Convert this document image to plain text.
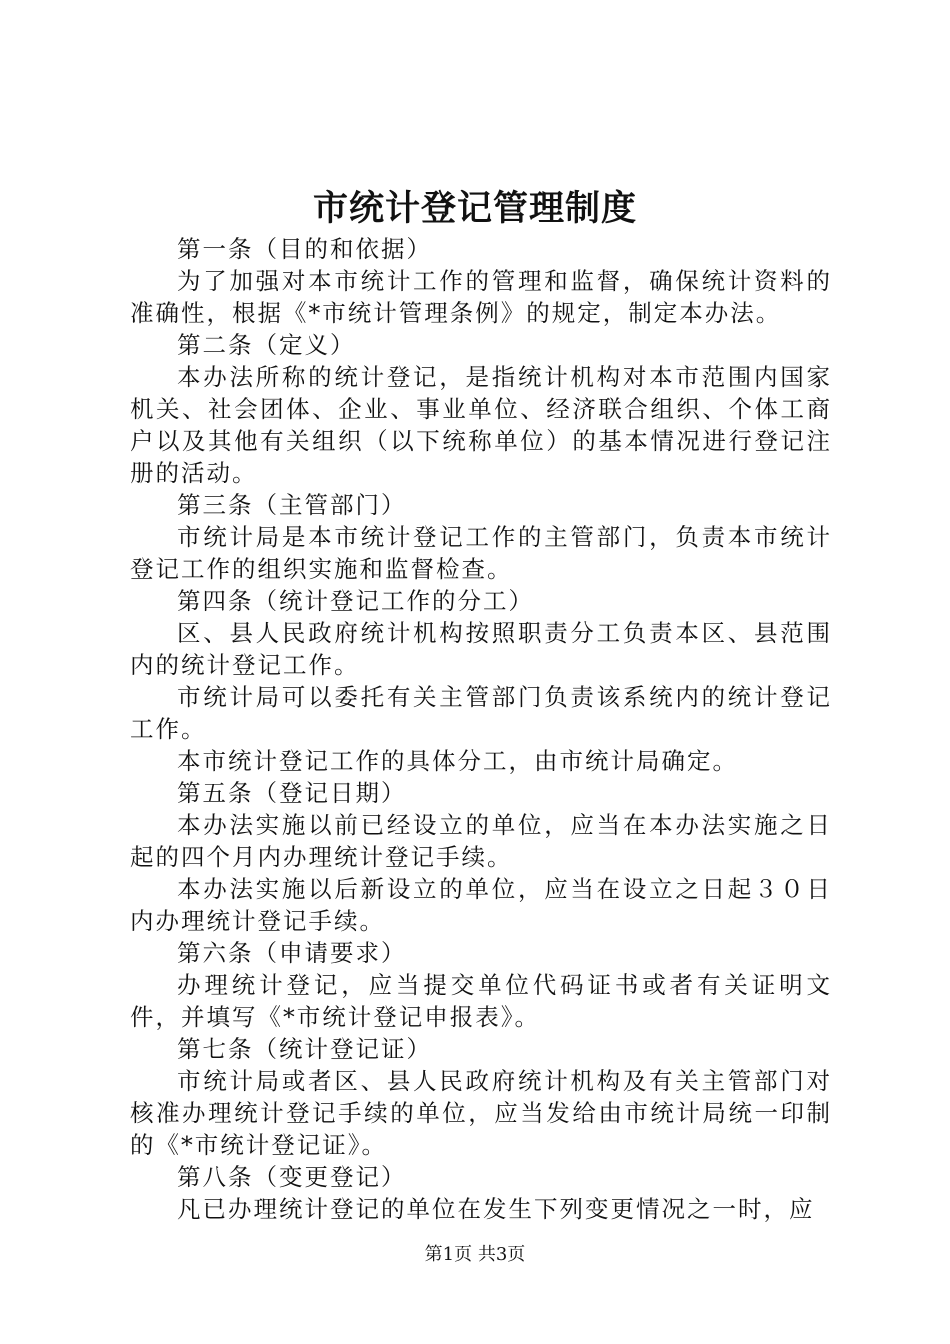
市统计登记管理制度

第一条（目的和依据）

为了加强对本市统计工作的管理和监督，确保统计资料的准确性，根据《*市统计管理条例》的规定，制定本办法。

第二条（定义）

本办法所称的统计登记，是指统计机构对本市范围内国家机关、社会团体、企业、事业单位、经济联合组织、个体工商户以及其他有关组织（以下统称单位）的基本情况进行登记注册的活动。

第三条（主管部门）

市统计局是本市统计登记工作的主管部门，负责本市统计登记工作的组织实施和监督检查。

第四条（统计登记工作的分工）

区、县人民政府统计机构按照职责分工负责本区、县范围内的统计登记工作。

市统计局可以委托有关主管部门负责该系统内的统计登记工作。

本市统计登记工作的具体分工，由市统计局确定。

第五条（登记日期）

本办法实施以前已经设立的单位，应当在本办法实施之日起的四个月内办理统计登记手续。

本办法实施以后新设立的单位，应当在设立之日起３０日内办理统计登记手续。

第六条（申请要求）

办理统计登记，应当提交单位代码证书或者有关证明文件，并填写《*市统计登记申报表》。

第七条（统计登记证）

市统计局或者区、县人民政府统计机构及有关主管部门对核准办理统计登记手续的单位，应当发给由市统计局统一印制的《*市统计登记证》。

第八条（变更登记）

凡已办理统计登记的单位在发生下列变更情况之一时，应

第1页 共3页
